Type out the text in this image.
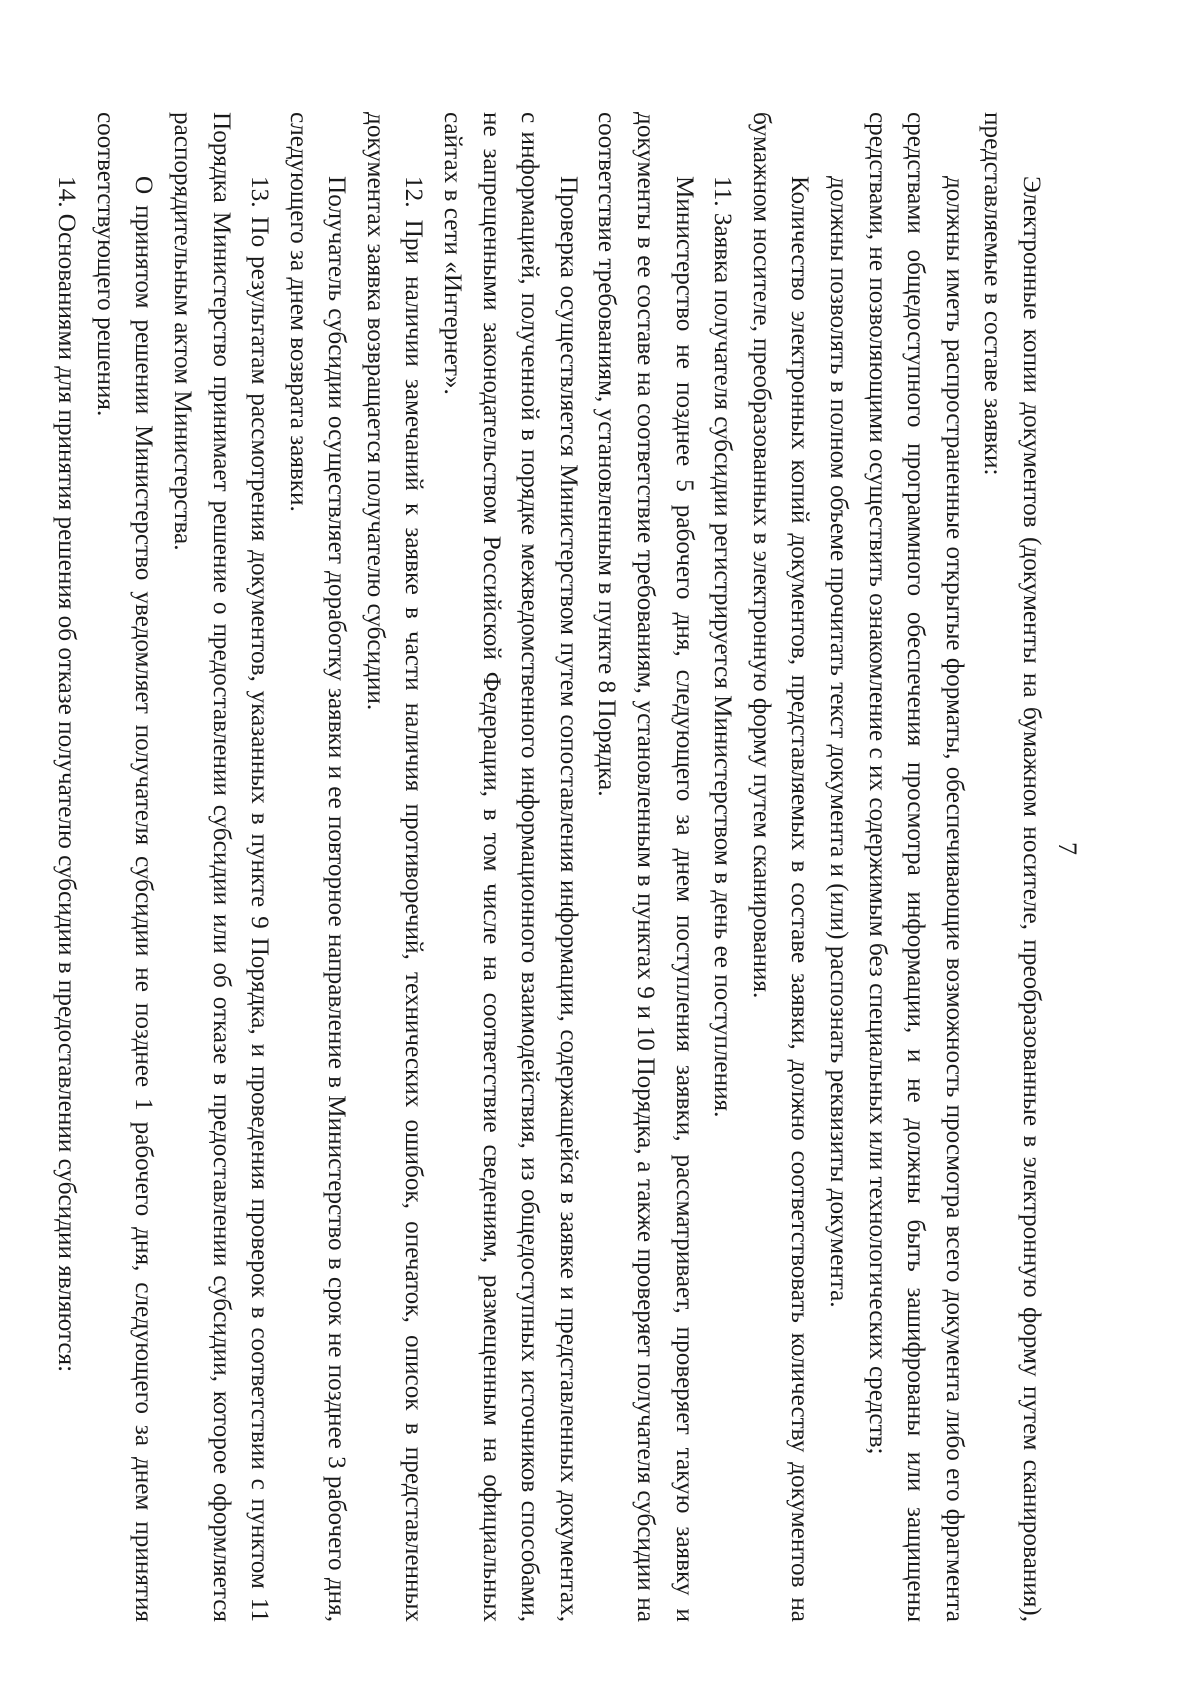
7

Электронные копии документов (документы на бумажном носителе, преобразованные в электронную форму путем сканирования), представляемые в составе заявки:

должны иметь распространенные открытые форматы, обеспечивающие возможность просмотра всего документа либо его фрагмента средствами общедоступного программного обеспечения просмотра информации, и не должны быть зашифрованы или защищены средствами, не позволяющими осуществить ознакомление с их содержимым без специальных или технологических средств;

должны позволять в полном объеме прочитать текст документа и (или) распознать реквизиты документа.

Количество электронных копий документов, представляемых в составе заявки, должно соответствовать количеству документов на бумажном носителе, преобразованных в электронную форму путем сканирования.

11. Заявка получателя субсидии регистрируется Министерством в день ее поступления.

Министерство не позднее 5 рабочего дня, следующего за днем поступления заявки, рассматривает, проверяет такую заявку и документы в ее составе на соответствие требованиям, установленным в пунктах 9 и 10 Порядка, а также проверяет получателя субсидии на соответствие требованиям, установленным в пункте 8 Порядка.

Проверка осуществляется Министерством путем сопоставления информации, содержащейся в заявке и представленных документах, с информацией, полученной в порядке межведомственного информационного взаимодействия, из общедоступных источников способами, не запрещенными законодательством Российской Федерации, в том числе на соответствие сведениям, размещенным на официальных сайтах в сети «Интернет».

12. При наличии замечаний к заявке в части наличия противоречий, технических ошибок, опечаток, описок в представленных документах заявка возвращается получателю субсидии.

Получатель субсидии осуществляет доработку заявки и ее повторное направление в Министерство в срок не позднее 3 рабочего дня, следующего за днем возврата заявки.

13. По результатам рассмотрения документов, указанных в пункте 9 Порядка, и проведения проверок в соответствии с пунктом 11 Порядка Министерство принимает решение о предоставлении субсидии или об отказе в предоставлении субсидии, которое оформляется распорядительным актом Министерства.

О принятом решении Министерство уведомляет получателя субсидии не позднее 1 рабочего дня, следующего за днем принятия соответствующего решения.

14. Основаниями для принятия решения об отказе получателю субсидии в предоставлении субсидии являются:
